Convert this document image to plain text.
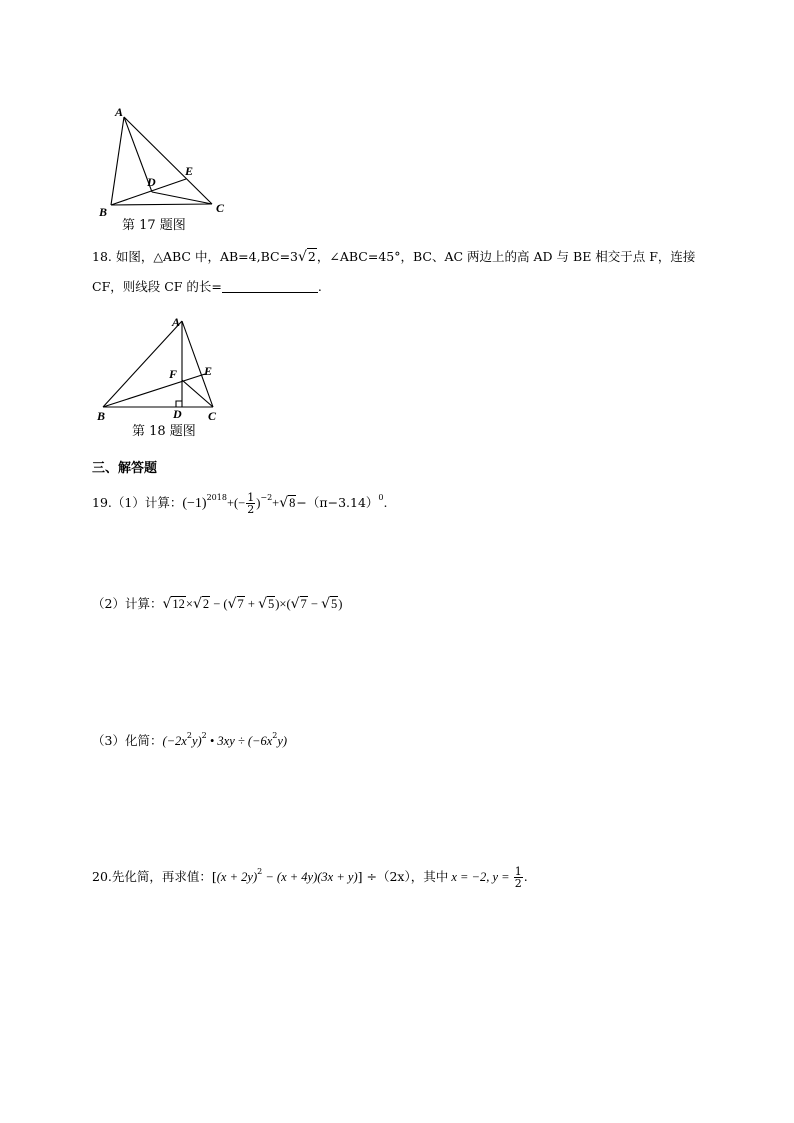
A
B	C
D
E
第 17 题图
18. 如图，△ABC 中，AB=4,BC=3√2，∠ABC=45°，BC、AC 两边上的高 AD 与 BE 相交于点 F，连接
CF，则线段 CF 的长=	.
A
B	C
D
E
F
第 18 题图
三、解答题
19.（1）计算：$(-1)^{2018}+(- \frac{1}{2} )^{-2}+√8-(\pi-3.14)^0$.
（2）计算：√12×√2 − (√7 + √5)×(√7 − √5)
（3）化简：$(-2x^2y)^2$ • $3xy \div (-6x^2y)$
20.先化简，再求值：$[(x + 2y)^2 - (x + 4y)(3x + y)] \div(2x)$，其中 x = −2, $y = \frac{1}{2}$ .
